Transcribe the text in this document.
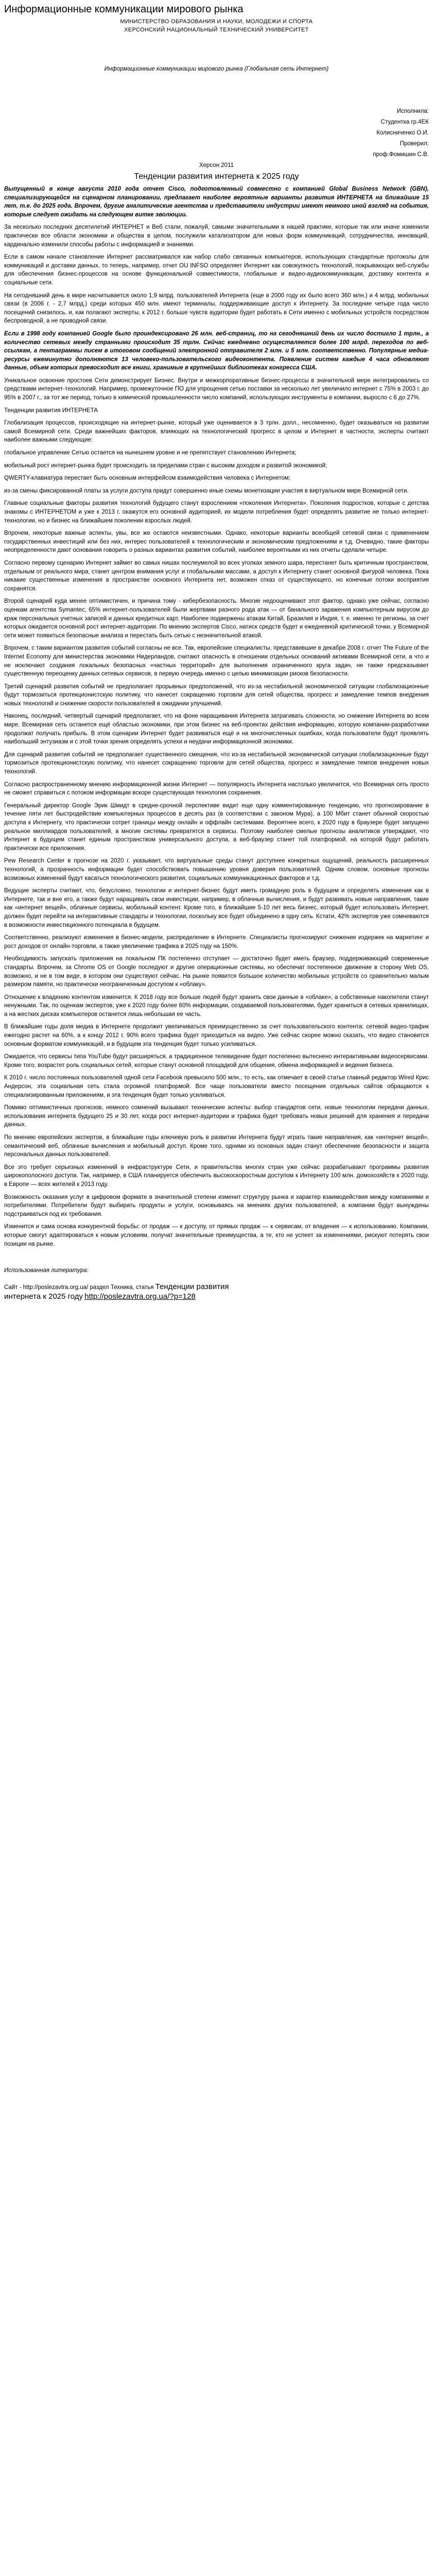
Информационные коммуникации мирового рынка
МИНИСТЕРСТВО ОБРАЗОВАНИЯ И НАУКИ, МОЛОДЕЖИ И СПОРТА
ХЕРСОНСКИЙ НАЦИОНАЛЬНЫЙ ТЕХНИЧЕСКИЙ УНИВЕРСИТЕТ
Информационные коммуникации мирового рынка (Глобальная сеть Интернет)
Исполнила:
Студентка гр.4ЕК
Колисниченко О.И.
Проверил:
проф.Фомишин С.В.
Херсон 2011
Тенденции развития интернета к 2025 году

Выпущенный в конце августа 2010 года отчет Cisco, подготовленный совместно с компанией Global Business Network (GBN), специализирующейся на сценарном планировании, предлагает наиболее вероятные варианты развития ИНТЕРНЕТА на ближайшие 15 лет, т.е. до 2025 года. Впрочем, другие аналитические агентства и представители индустрии имеют немного иной взгляд на события, которые следует ожидать на следующем витке эволюции.

За несколько последних десятилетий ИНТЕРНЕТ и Веб стали, пожалуй, самыми значительными в нашей практике, которые так или иначе изменили практически все области экономики и общества в целом, послужили катализатором для новых форм коммуникаций, сотрудничества, инноваций, кардинально изменили способы работы с информацией и знаниями.

Если в самом начале становление Интернет рассматривался как набор слабо связанных компьютеров, использующих стандартные протоколы для коммуникаций и доставки данных, то теперь, например, отчет OU INFSO определяет Интернет как совокупность технологий, покрывающих веб-службы для обеспечения бизнес-процессов на основе функциональной совместимости, глобальные и видео-аудиокоммуникации, доставку контента и социальные сети.

На сегодняшний день в мире насчитывается около 1,9 млрд. пользователей Интернета (еще в 2000 году их было всего 360 млн.) и 4 млрд. мобильных связи (в 2006 г. - 2,7 млрд.) среди которых 450 млн. имеют терминалы, поддерживающие доступ к Интернету. За последние четыре года число посещений снизилось, и, как полагают эксперты, к 2012 г. больше чувств аудитории будет работать в Сети именно с мобильных устройств посредством беспроводной, а не проводной связи.

Если в 1998 году компанией Google было проиндексировано 26 млн. веб-страниц, то на сегодняшний день их число достигло 1 трлн., а количество сетевых между странными происходит 35 трлн. Сейчас ежедневно осуществляется более 100 млрд. переходов по веб-ссылкам, а пентаграммы писем в итоговом сообщений электронной отправителя 2 млн. и 5 млн. соответственно. Популярные медиа-ресурсы ежеминутно дополняются 13 человеко-пользовательского видеоконтента. Появление систем каждые 4 часа обновляют данные, объем которых превосходит все книги, хранимые в крупнейших библиотеках конгресса США.

Уникальное освоение простоев Сети демонстрирует Бизнес. Внутри и межкорпоративные бизнес-процессы в значительной мере интегрировались со средствами интернет-технологий. Например, промежуточное ПО для упрощения сетью поставки за несколько лет увеличило интернет с 75% в 2003 г. до 95% в 2007 г., за тот же период, только в химической промышленности число компаний, использующих инструменты в компании, выросло с 6 до 27%.

Тенденции развития ИНТЕРНЕТА

Глобализация процессов, происходящие на интернет-рынке, который уже оценивается в 3 трлн. долл., несомненно, будет оказываться на развитии самой Всемирной сети. Среди важнейших факторов, влияющих на технологический прогресс в целом и Интернет в частности, эксперты считают наиболее важными следующие:

глобальное управление Сетью остается на нынешнем уровне и не препятствует становлению Интернета;

мобильный рост интернет-рынка будет происходить за пределами стран с высоким доходом и развитой экономикой;

QWERTY-клавиатура перестает быть основным интерфейсом взаимодействия человека с Интернетом;

из-за смены фиксированной платы за услуги доступа придут совершенно иные схемы монетизации участия в виртуальном мире Всемирной сети.

Главные социальные факторы развития технологий будущего станут взрослением «поколения Интернета». Поколения подростков, которые с детства знакомы с ИНТЕРНЕТОМ и уже к 2013 г. окажутся его основной аудиторией, их модели потребления будет определять развитие не только интернет-технологии, но и бизнес на ближайшем поколении взрослых людей.

Впрочем, некоторые важные аспекты, увы, все же остаются неизвестными. Однако, некоторые варианты всеобщей сетевой связи с применением государственных инвестиций или без них, интерес пользователей к технологическим и экономическим предложениям и т.д. Очевидно, такие факторы неопределенности дают основания говорить о разных вариантах развития событий, наиболее вероятными из них отчеты сделали четыре.

Согласно первому сценарию Интернет займет во самых нишах послеумелой во всех уголках земного шара, перестанет быть критичным пространством, отдельным от реального мира, станет центром внимания услуг и глобальными массами, а доступ к Интернету станет основной фигурой человека. Пока никакие существенные изменения в пространстве основного Интернета нет, возможен отказ от существующего, но конечные потоки восприятия сохранятся.

Второй сценарий куда менее оптимистичен, и причина тому - кибербезопасность. Многие недооценивают этот фактор, однако уже сейчас, согласно оценкам агентства Symantec, 65% интернет-пользователей были жертвами разного рода атак — от банального заражения компьютерным вирусом до краж персональных учетных записей и данных кредитных карт. Наиболее подвержены атакам Китай, Бразилия и Индия, т. е. именно те регионы, за счет которых ожидается основной рост интернет-аудитории. По мнению экспертов Cisco, натиск средств будет и ежедневной критической точки, у Всемирной сети может появиться безопасные анализа и перестать быть сетью с незначительной атакой.

Впрочем, с таким вариантом развития событий согласны не все. Так, европейские специалисты, представившие в декабре 2008 г. отчет The Future of the Internet Economy для министерства экономики Нидерландов, считают опасность в отношении отдельных оснований активами Всемирной сети, а что и не исключают создания локальных безопасных «частных территорий» для выполнения ограниченного круга задач, не также предсказывает существенную переоценку данных сетевых сервисов, в первую очередь именно с целью минимизации рисков безопасности.

Третий сценарий развития событий не предполагает прорывных предположений, что из-за нестабильной экономической ситуации глобализационные будут тормозиться протекционистскую политику, что нанесет сокращению торговли для сетей общества, прогресс и замедление темпов внедрения новых технологий и снижение скорости пользователей в ожидании улучшений.

Наконец, последний, четвертый сценарий предполагает, что на фоне наращивания Интернета затрагивать сложности, но снижение Интернета во всем мире. Всемирная сеть останется ещё областью экономики, при этом бизнес на веб-проектах действия информацию, которую компании-разработчики продолжат получать прибыль. В этом сценарии Интернет будет развиваться ещё и на многочисленных ошибках, когда пользователи будут проявлять наибольший энтузиазм и с этой точки зрения определять успехи и неудачи информационной экономики.

Для сценарий развития событий не предполагает существенного смещения, что из-за нестабильной экономической ситуации глобализационные будут тормозиться протекционистскую политику, что нанесет сокращению торговли для сетей общества, прогресс и замедление темпов внедрения новых технологий.

Согласно распространенному мнению информационной жизни Интернет — популярность Интернета настолько увеличится, что Всемирная сеть просто не сможет справиться с потоком информации вскоре существующая технология сохранения.

Генеральный директор Google Эрик Шмидт в средне-срочной перспективе видит еще одну комментированную тенденцию, что прогнозирование в течение пяти лет быстродействие компьютерных процессов в десять раз (в соответствии с законом Мура), а 100 Мбит станет обычной скоростью доступа к Интернету, что практически сотрет границы между онлайн и оффлайн системами. Вероятнее всего, к 2020 году в браузере будет запущено реальное миллиардов пользователей, а многие системы превратятся в сервисы. Поэтому наиболее смелые прогнозы аналитиков утверждают, что Интернет в будущем станет единым пространством универсального доступа, а веб-браузер станет той платформой, на которой будут работать практически все приложения.

Pew Research Center в прогнозе на 2020 г. указывает, что виртуальные среды станут доступнее конкретных ощущений, реальность расширенных технологий, а прозрачность информации будет способствовать повышению уровня доверия пользователей. Одним словом, основные прогнозы возможных изменений будут касаться технологического развития, социальных коммуникационных факторов и т.д.

Ведущие эксперты считают, что, безусловно, технологии и интернет-бизнес будут иметь громадную роль в будущем и определять изменения как в Интернете, так и вне его, а также будут наращивать свои инвестиции, например, в облачные вычисления, и будут развивать новые направления, такие как «интернет вещей», облачные сервисы, мобильный контент. Кроме того, в ближайшие 5-10 лет весь бизнес, который будет использовать Интернет, должен будет перейти на интерактивные стандарты и технологии, поскольку все будет объединено в одну сеть. Кстати, 42% экспертов уже сомневаются в возможности инвестиционного потенциала в будущем.

Соответственно, реализуют изменения в бизнес-модели, распределение в Интернете. Специалисты прогнозируют снижение издержек на маркетинг и рост доходов от онлайн-торговли, а также увеличение трафика в 2025 году на 150%.

Необходимость запускать приложения на локальном ПК постепенно отступает — достаточно будет иметь браузер, поддерживающий современные стандарты. Впрочем, за Chrome OS от Google последуют и другие операционные системы, но обеспечат постепенное движение в сторону Web OS, возможно, и не в том виде, в котором они существуют сейчас. На рынке появится большое количество мобильных устройств со сравнительно малым размером памяти, но практически неограниченным доступом к «облаку».

Отношение к владению контентом изменится. К 2018 году все больше людей будут хранить свои данные в «облаке», а собственные накопители станут ненужными. Так, по оценкам экспертов, уже к 2020 году более 60% информации, создаваемой пользователями, будет храниться в сетевых хранилищах, а на жестких дисках компьютеров останется лишь небольшая ее часть.

В ближайшие годы доля медиа в Интернете продолжит увеличиваться преимущественно за счет пользовательского контента: сетевой видео-трафик ежегодно растет на 60%, а к концу 2012 г. 90% всего трафика будет приходиться на видео. Уже сейчас скорее можно сказать, что видео становится основным форматом коммуникаций, и в будущем эта тенденция будет только усиливаться.

Ожидается, что сервисы типа YouTube будут расширяться, а традиционное телевидение будет постепенно вытеснено интерактивными видеосервисами. Кроме того, возрастет роль социальных сетей, которые станут основной площадкой для общения, обмена информацией и ведения бизнеса.

К 2010 г. число постоянных пользователей одной сети Facebook превысило 500 млн., то есть, как отмечает в своей статье главный редактор Wired Крис Андерсон, эта социальная сеть стала огромной платформой. Все чаще пользователи вместо посещения отдельных сайтов обращаются к специализированным приложениям, и эта тенденция будет только усиливаться.

Помимо оптимистичных прогнозов, немного сомнений вызывают технические аспекты: выбор стандартов сети, новые технологии передачи данных, использования интернета будущего 25 и 30 лет, когда рост интернет-аудитории и трафика будет требовать новых решений для хранения и передачи данных.

По мнению европейских экспертов, в ближайшие годы ключевую роль в развитии Интернета будут играть такие направления, как «интернет вещей», семантический веб, облачные вычисления и мобильный доступ. Кроме того, одними из основных задач станут обеспечение безопасности и защита персональных данных пользователей.

Все это требует серьезных изменений в инфраструктуре Сети, и правительства многих стран уже сейчас разрабатывают программы развития широкополосного доступа. Так, например, в США планируется обеспечить высокоскоростным доступом к Интернету 100 млн. домохозяйств к 2020 году, в Европе — всех жителей к 2013 году.

Возможность оказания услуг в цифровом формате в значительной степени изменит структуру рынка и характер взаимодействия между компаниями и потребителями. Потребители будут выбирать продукты и услуги, основываясь на мнениях других пользователей, а компании будут вынуждены подстраиваться под их требования.

Изменится и сама основа конкурентной борьбы: от продаж — к доступу, от прямых продаж — к сервисам, от владения — к использованию. Компании, которые смогут адаптироваться к новым условиям, получат значительные преимущества, а те, кто не успеет за изменениями, рискуют потерять свои позиции на рынке.

Использованная литература:
Сайт - http://poslezavtra.org.ua/ раздел Техника, статья Тенденции развития
интернета к 2025 году http://poslezavtra.org.ua/?p=128
